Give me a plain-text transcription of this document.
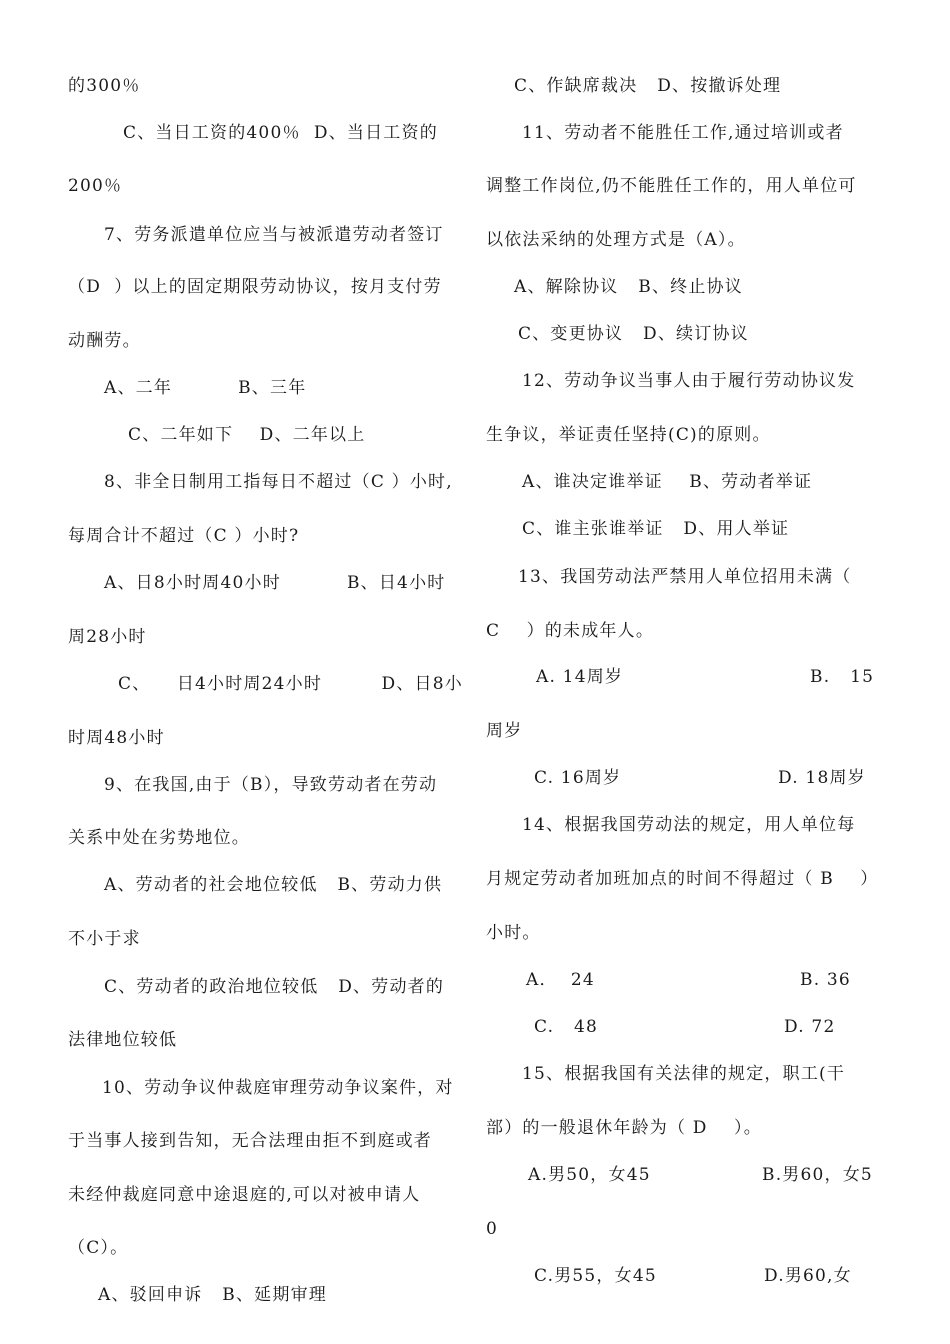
的300％
C、当日工资的400％  D、当日工资的
200％
7、劳务派遣单位应当与被派遣劳动者签订
（D  ）以上的固定期限劳动协议，按月支付劳
动酬劳。
A、二年          B、三年
C、二年如下    D、二年以上
8、非全日制用工指每日不超过（C ）小时,
每周合计不超过（C ）小时?
A、日8小时周40小时          B、日4小时
周28小时
C、    日4小时周24小时         D、日8小
时周48小时
9、在我国,由于（B），导致劳动者在劳动
关系中处在劣势地位。
A、劳动者的社会地位较低   B、劳动力供
不小于求
C、劳动者的政治地位较低   D、劳动者的
法律地位较低
10、劳动争议仲裁庭审理劳动争议案件，对
于当事人接到告知，无合法理由拒不到庭或者
未经仲裁庭同意中途退庭的,可以对被申请人
（C）。
A、驳回申诉   B、延期审理
C、作缺席裁决   D、按撤诉处理
11、劳动者不能胜任工作,通过培训或者
调整工作岗位,仍不能胜任工作的，用人单位可
以依法采纳的处理方式是（A）。
A、解除协议   B、终止协议
C、变更协议   D、续订协议
12、劳动争议当事人由于履行劳动协议发
生争议，举证责任坚持(C)的原则。
A、谁决定谁举证    B、劳动者举证
C、谁主张谁举证   D、用人举证
13、我国劳动法严禁用人单位招用未满（
C    ）的未成年人。
A. 14周岁	B.   15
周岁
C. 16周岁	D. 18周岁
14、根据我国劳动法的规定，用人单位每
月规定劳动者加班加点的时间不得超过（ B    ）
小时。
A．  24	B. 36
C.   48	D. 72
15、根据我国有关法律的规定，职工(干
部）的一般退休年龄为（ D    ）。
A.男50，女45	B.男60，女5
0
C.男55，女45	D.男60,女
